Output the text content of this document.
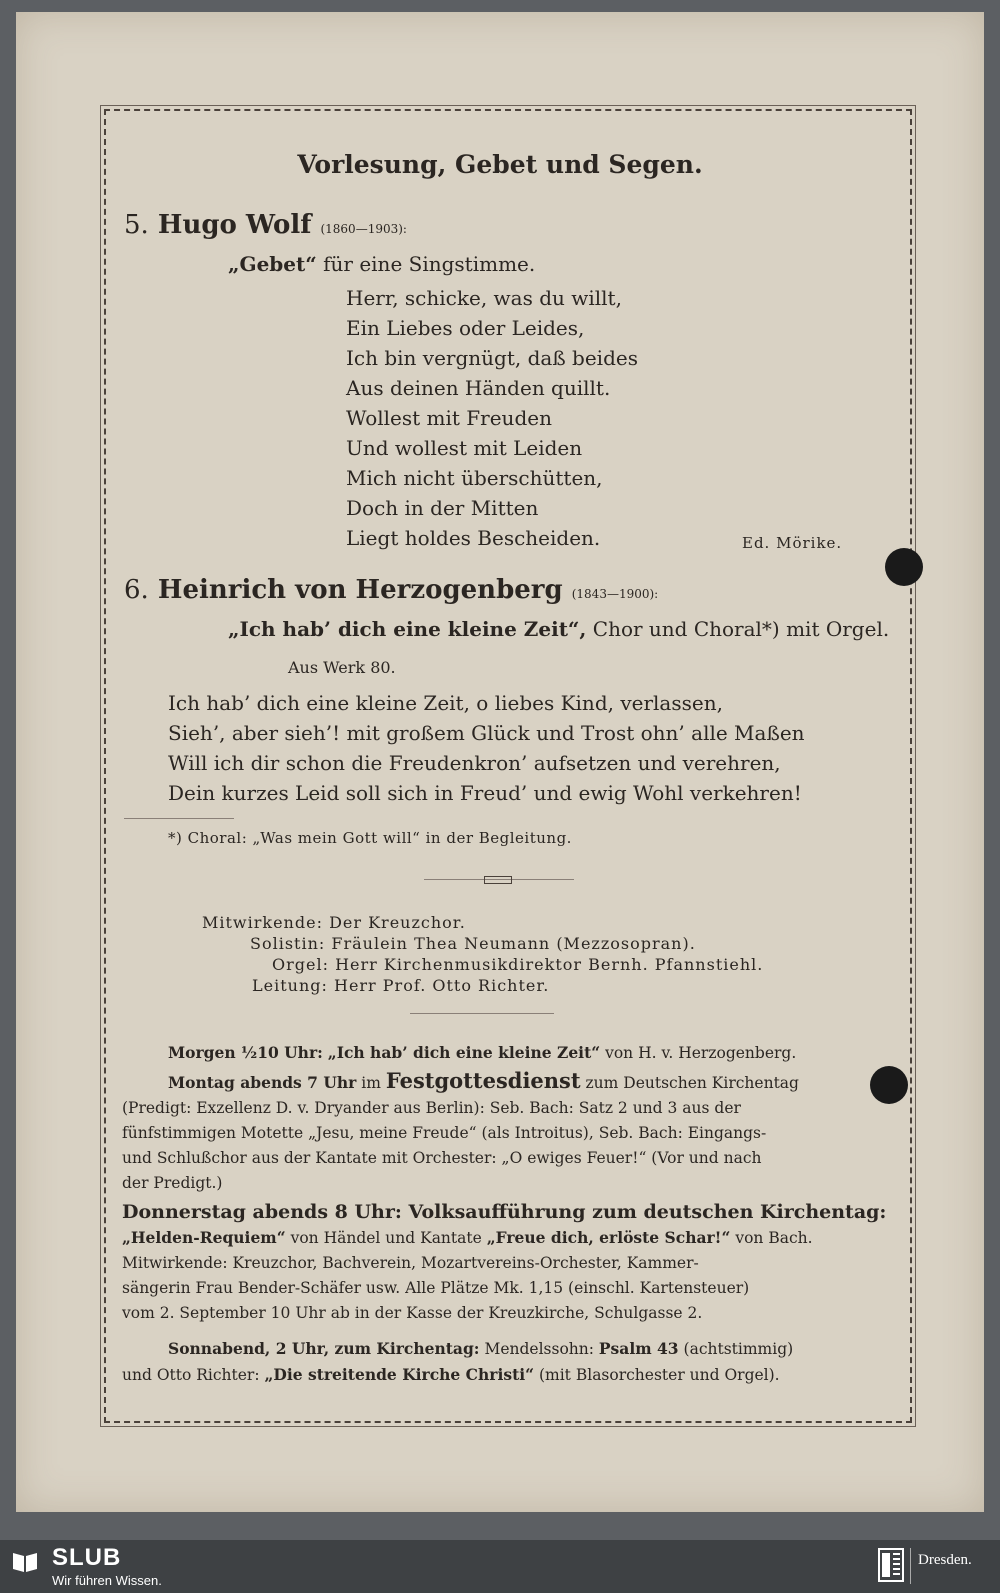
Vorlesung, Gebet und Segen.
5. Hugo Wolf (1860—1903):
„Gebet“ für eine Singstimme.
Herr, schicke, was du willt,
Ein Liebes oder Leides,
Ich bin vergnügt, daß beides
Aus deinen Händen quillt.
Wollest mit Freuden
Und wollest mit Leiden
Mich nicht überschütten,
Doch in der Mitten
Liegt holdes Bescheiden.	Ed. Mörike.
6. Heinrich von Herzogenberg (1843—1900):
„Ich hab’ dich eine kleine Zeit“, Chor und Choral*) mit Orgel.
Aus Werk 80.
Ich hab’ dich eine kleine Zeit, o liebes Kind, verlassen,
Sieh’, aber sieh’! mit großem Glück und Trost ohn’ alle Maßen
Will ich dir schon die Freudenkron’ aufsetzen und verehren,
Dein kurzes Leid soll sich in Freud’ und ewig Wohl verkehren!
*) Choral: „Was mein Gott will“ in der Begleitung.
Mitwirkende: Der Kreuzchor.
Solistin: Fräulein Thea Neumann (Mezzosopran).
Orgel: Herr Kirchenmusikdirektor Bernh. Pfannstiehl.
Leitung: Herr Prof. Otto Richter.
Morgen ½10 Uhr: „Ich hab’ dich eine kleine Zeit“ von H. v. Herzogenberg.
Montag abends 7 Uhr im Festgottesdienst zum Deutschen Kirchentag
(Predigt: Exzellenz D. v. Dryander aus Berlin): Seb. Bach: Satz 2 und 3 aus der
fünfstimmigen Motette „Jesu, meine Freude“ (als Introitus), Seb. Bach: Eingangs-
und Schlußchor aus der Kantate mit Orchester: „O ewiges Feuer!“ (Vor und nach
der Predigt.)
Donnerstag abends 8 Uhr: Volksaufführung zum deutschen Kirchentag:
„Helden-Requiem“ von Händel und Kantate „Freue dich, erlöste Schar!“ von Bach.
Mitwirkende: Kreuzchor, Bachverein, Mozartvereins-Orchester, Kammer-
sängerin Frau Bender-Schäfer usw. Alle Plätze Mk. 1,15 (einschl. Kartensteuer)
vom 2. September 10 Uhr ab in der Kasse der Kreuzkirche, Schulgasse 2.
Sonnabend, 2 Uhr, zum Kirchentag: Mendelssohn: Psalm 43 (achtstimmig)
und Otto Richter: „Die streitende Kirche Christi“ (mit Blasorchester und Orgel).
SLUB
Wir führen Wissen.
Dresden.
